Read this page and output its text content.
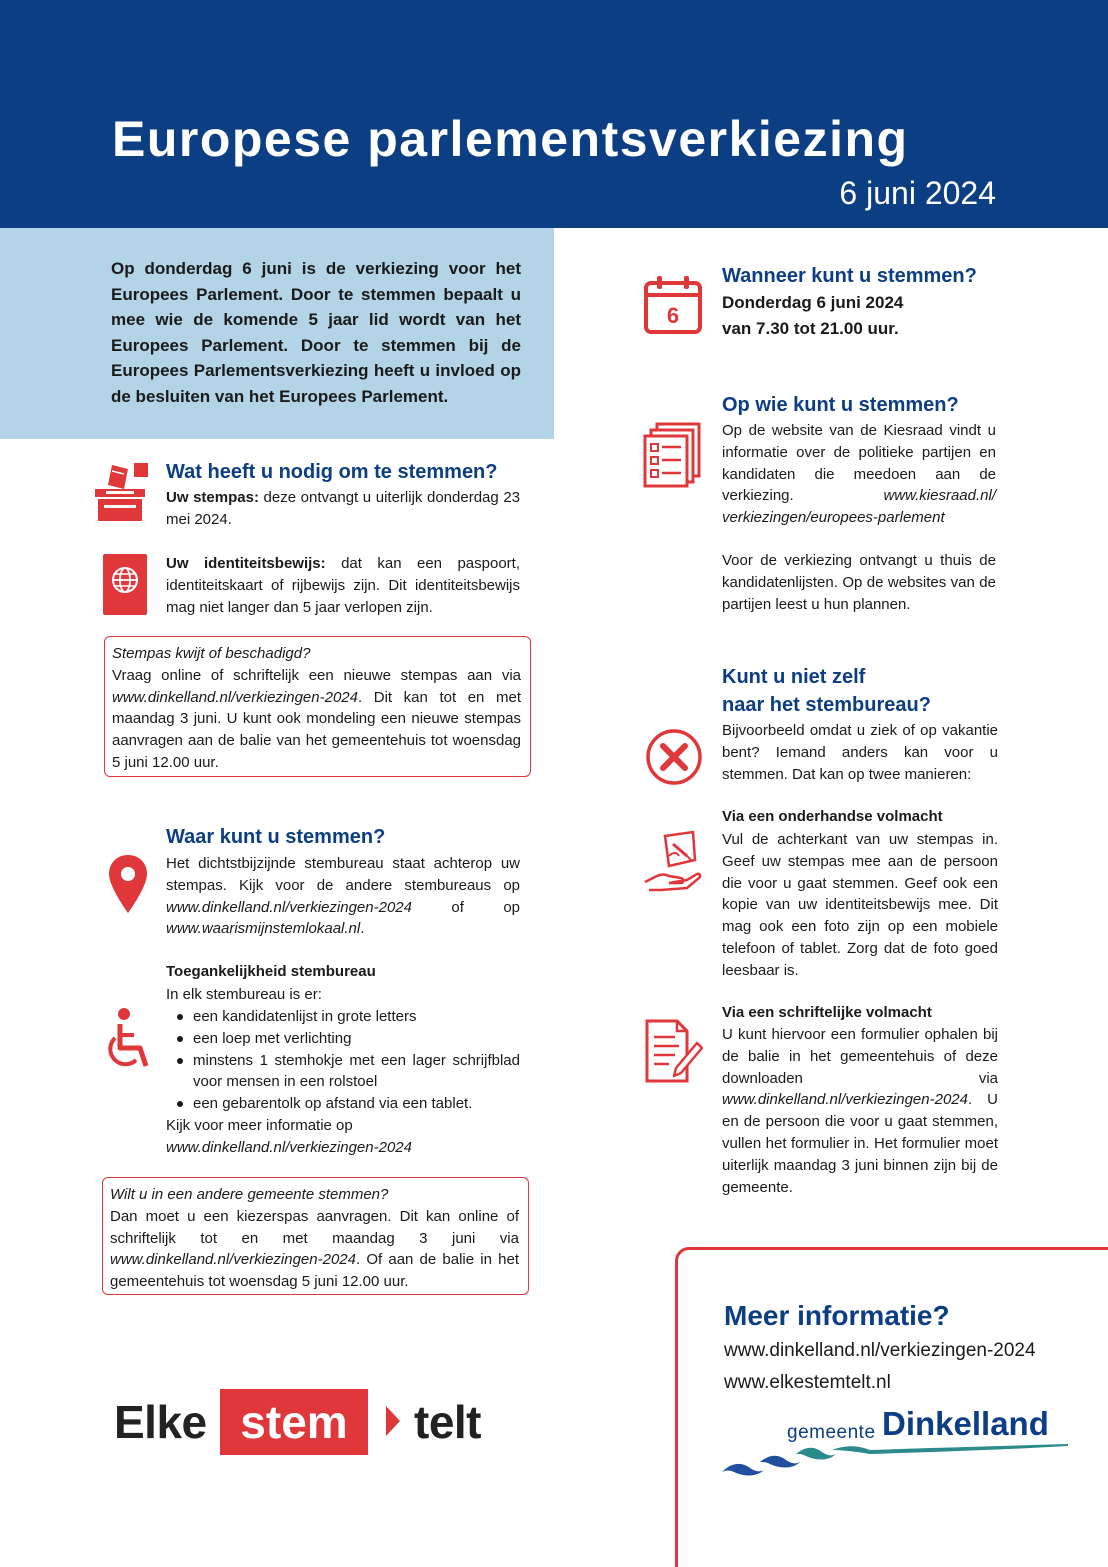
Europese parlementsverkiezing
6 juni 2024

Op donderdag 6 juni is de verkiezing voor het Europees Parlement. Door te stemmen bepaalt u mee wie de komende 5 jaar lid wordt van het Europees Parlement. Door te stemmen bij de Europees Parlementsverkiezing heeft u invloed op de besluiten van het Europees Parlement.

Wat heeft u nodig om te stemmen?

Uw stempas: deze ontvangt u uiterlijk donderdag 23 mei 2024.

Uw identiteitsbewijs: dat kan een paspoort, identiteitskaart of rijbewijs zijn. Dit identiteitsbewijs mag niet langer dan 5 jaar verlopen zijn.

Stempas kwijt of beschadigd?
Vraag online of schriftelijk een nieuwe stempas aan via www.dinkelland.nl/verkiezingen-2024. Dit kan tot en met maandag 3 juni. U kunt ook mondeling een nieuwe stempas aanvragen aan de balie van het gemeentehuis tot woensdag 5 juni 12.00 uur.
Waar kunt u stemmen?

Het dichtstbijzijnde stembureau staat achterop uw stempas. Kijk voor de andere stembureaus op www.dinkelland.nl/verkiezingen-2024 of op www.waarismijnstemlokaal.nl.

Toegankelijkheid stembureau

In elk stembureau is er:

een kandidatenlijst in grote letters
een loep met verlichting
minstens 1 stemhokje met een lager schrijfblad voor mensen in een rolstoel
een gebarentolk op afstand via een tablet.

Kijk voor meer informatie op
www.dinkelland.nl/verkiezingen-2024

Wilt u in een andere gemeente stemmen?
Dan moet u een kiezerspas aanvragen. Dit kan online of schriftelijk tot en met maandag 3 juni via www.dinkelland.nl/verkiezingen-2024. Of aan de balie in het gemeentehuis tot woensdag 5 juni 12.00 uur.
6
Wanneer kunt u stemmen?
Donderdag 6 juni 2024
van 7.30 tot 21.00 uur.
Op wie kunt u stemmen?

Op de website van de Kiesraad vindt u informatie over de politieke partijen en kandidaten die meedoen aan de verkiezing. www.kiesraad.nl/ verkiezingen/europees-parlement

Voor de verkiezing ontvangt u thuis de kandidatenlijsten. Op de websites van de partijen leest u hun plannen.

Kunt u niet zelf
naar het stembureau?

Bijvoorbeeld omdat u ziek of op vakantie bent? Iemand anders kan voor u stemmen. Dat kan op twee manieren:

Via een onderhandse volmacht

Vul de achterkant van uw stempas in. Geef uw stempas mee aan de persoon die voor u gaat stemmen. Geef ook een kopie van uw identiteitsbewijs mee. Dit mag ook een foto zijn op een mobiele telefoon of tablet. Zorg dat de foto goed leesbaar is.

Via een schriftelijke volmacht

U kunt hiervoor een formulier ophalen bij de balie in het gemeentehuis of deze downloaden via www.dinkelland.nl/verkiezingen-2024. U en de persoon die voor u gaat stemmen, vullen het formulier in. Het formulier moet uiterlijk maandag 3 juni binnen zijn bij de gemeente.

Meer informatie?
www.dinkelland.nl/verkiezingen-2024
www.elkestemtelt.nl
gemeente Dinkelland
Elke stem	telt
